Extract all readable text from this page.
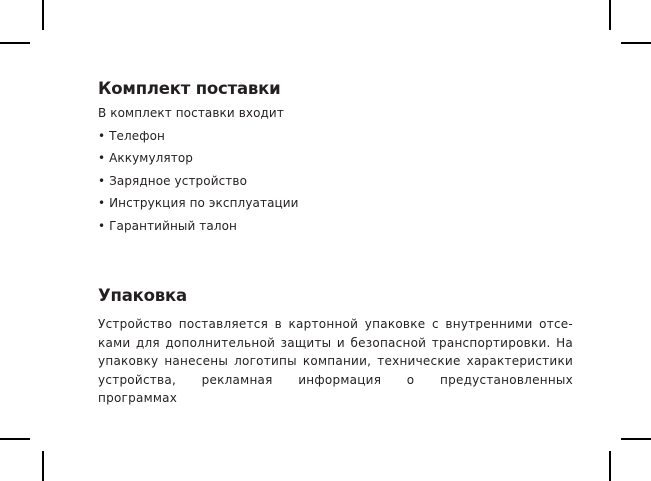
Комплект поставки

В комплект поставки входит

• Телефон
• Аккумулятор
• Зарядное устройство
• Инструкция по эксплуатации
• Гарантийный талон
Упаковка

Устройство поставляется в картонной упаковке с внутренними отсе-ками для дополнительной защиты и безопасной транспортировки. На упаковку нанесены логотипы компании, технические характеристики устройства, рекламная информация о предустановленных программах
